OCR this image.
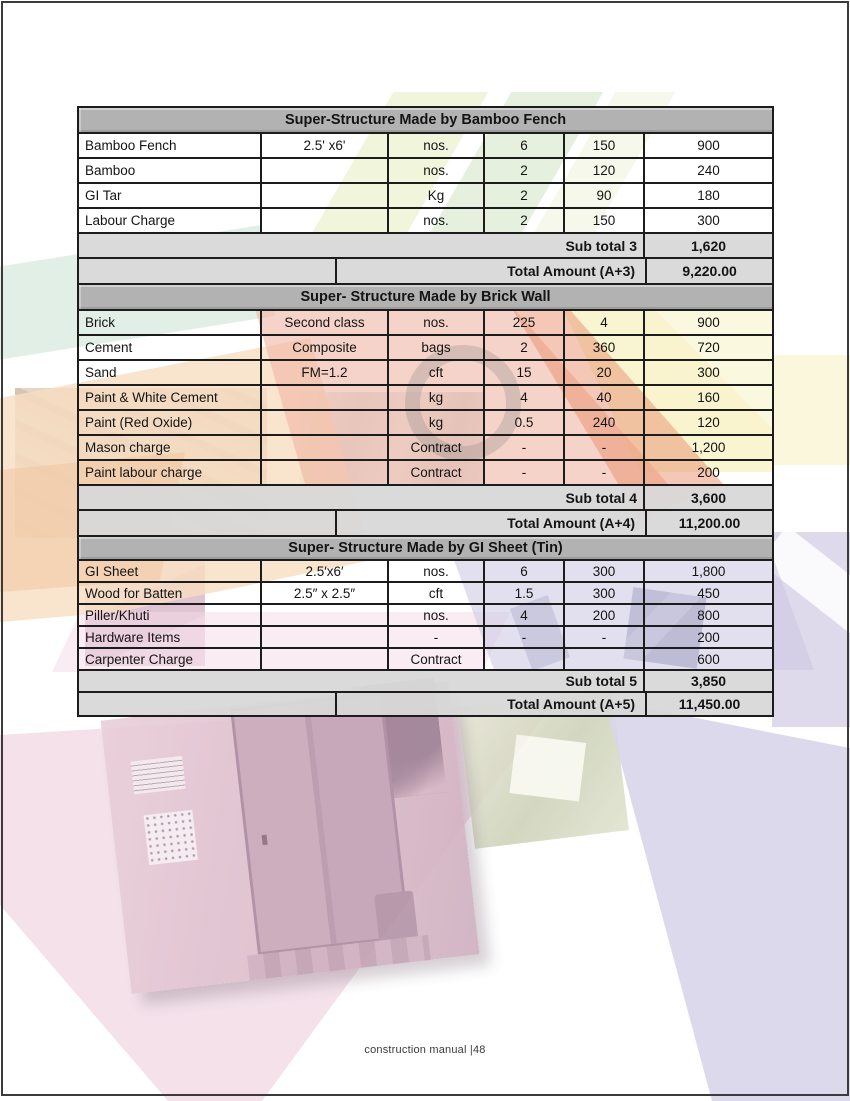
Super-Structure Made by Bamboo Fench					
Bamboo Fench	2.5' x6'	nos.	6	150	900
Bamboo		nos.	2	120	240
GI Tar		Kg	2	90	180
Labour Charge		nos.	2	150	300
Sub total 3					1,620

Total Amount (A+3) 9,220.00					

Super- Structure Made by Brick Wall					
Brick	Second class	nos.	225	4	900
Cement	Composite	bags	2	360	720
Sand	FM=1.2	cft	15	20	300
Paint & White Cement		kg	4	40	160
Paint (Red Oxide)		kg	0.5	240	120
Mason charge		Contract	-	-	1,200
Paint labour charge		Contract	-	-	200
Sub total 4					3,600

Total Amount (A+4) 11,200.00					

Super- Structure Made by GI Sheet (Tin)					
GI Sheet	2.5′x6′	nos.	6	300	1,800
Wood for Batten	2.5″ x 2.5″	cft	1.5	300	450
Piller/Khuti		nos.	4	200	800
Hardware Items		-	-	-	200
Carpenter Charge		Contract			600
Sub total 5					3,850

Total Amount (A+5) 11,450.00					
construction manual |48
